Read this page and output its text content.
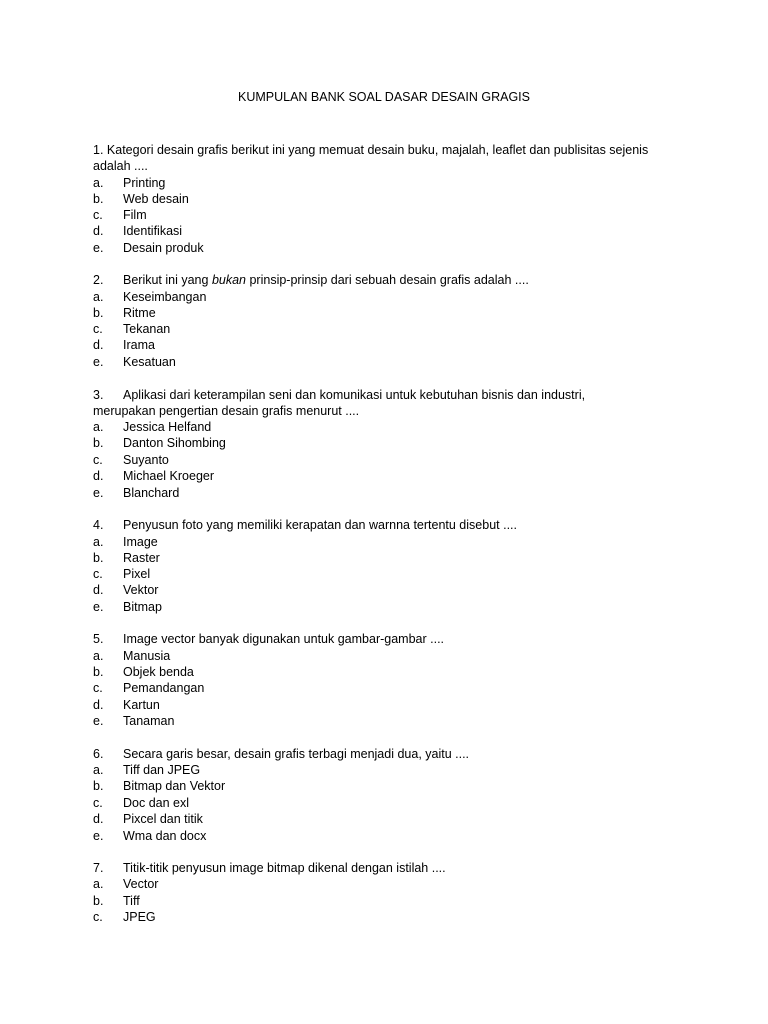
KUMPULAN BANK SOAL DASAR DESAIN GRAGIS
1. Kategori desain grafis berikut ini yang memuat desain buku, majalah, leaflet dan publisitas sejenis
adalah ....
a. Printing
b. Web desain
c. Film
d. Identifikasi
e. Desain produk
2. Berikut ini yang bukan prinsip-prinsip dari sebuah desain grafis adalah ....
a. Keseimbangan
b. Ritme
c. Tekanan
d. Irama
e. Kesatuan
3. Aplikasi dari keterampilan seni dan komunikasi untuk kebutuhan bisnis dan industri,
merupakan pengertian desain grafis menurut ....
a. Jessica Helfand
b. Danton Sihombing
c. Suyanto
d. Michael Kroeger
e. Blanchard
4. Penyusun foto yang memiliki kerapatan dan warnna tertentu disebut ....
a. Image
b. Raster
c. Pixel
d. Vektor
e. Bitmap
5. Image vector banyak digunakan untuk gambar-gambar ....
a. Manusia
b. Objek benda
c. Pemandangan
d. Kartun
e. Tanaman
6. Secara garis besar, desain grafis terbagi menjadi dua, yaitu ....
a. Tiff dan JPEG
b. Bitmap dan Vektor
c. Doc dan exl
d. Pixcel dan titik
e. Wma dan docx
7. Titik-titik penyusun image bitmap dikenal dengan istilah ....
a. Vector
b. Tiff
c. JPEG
